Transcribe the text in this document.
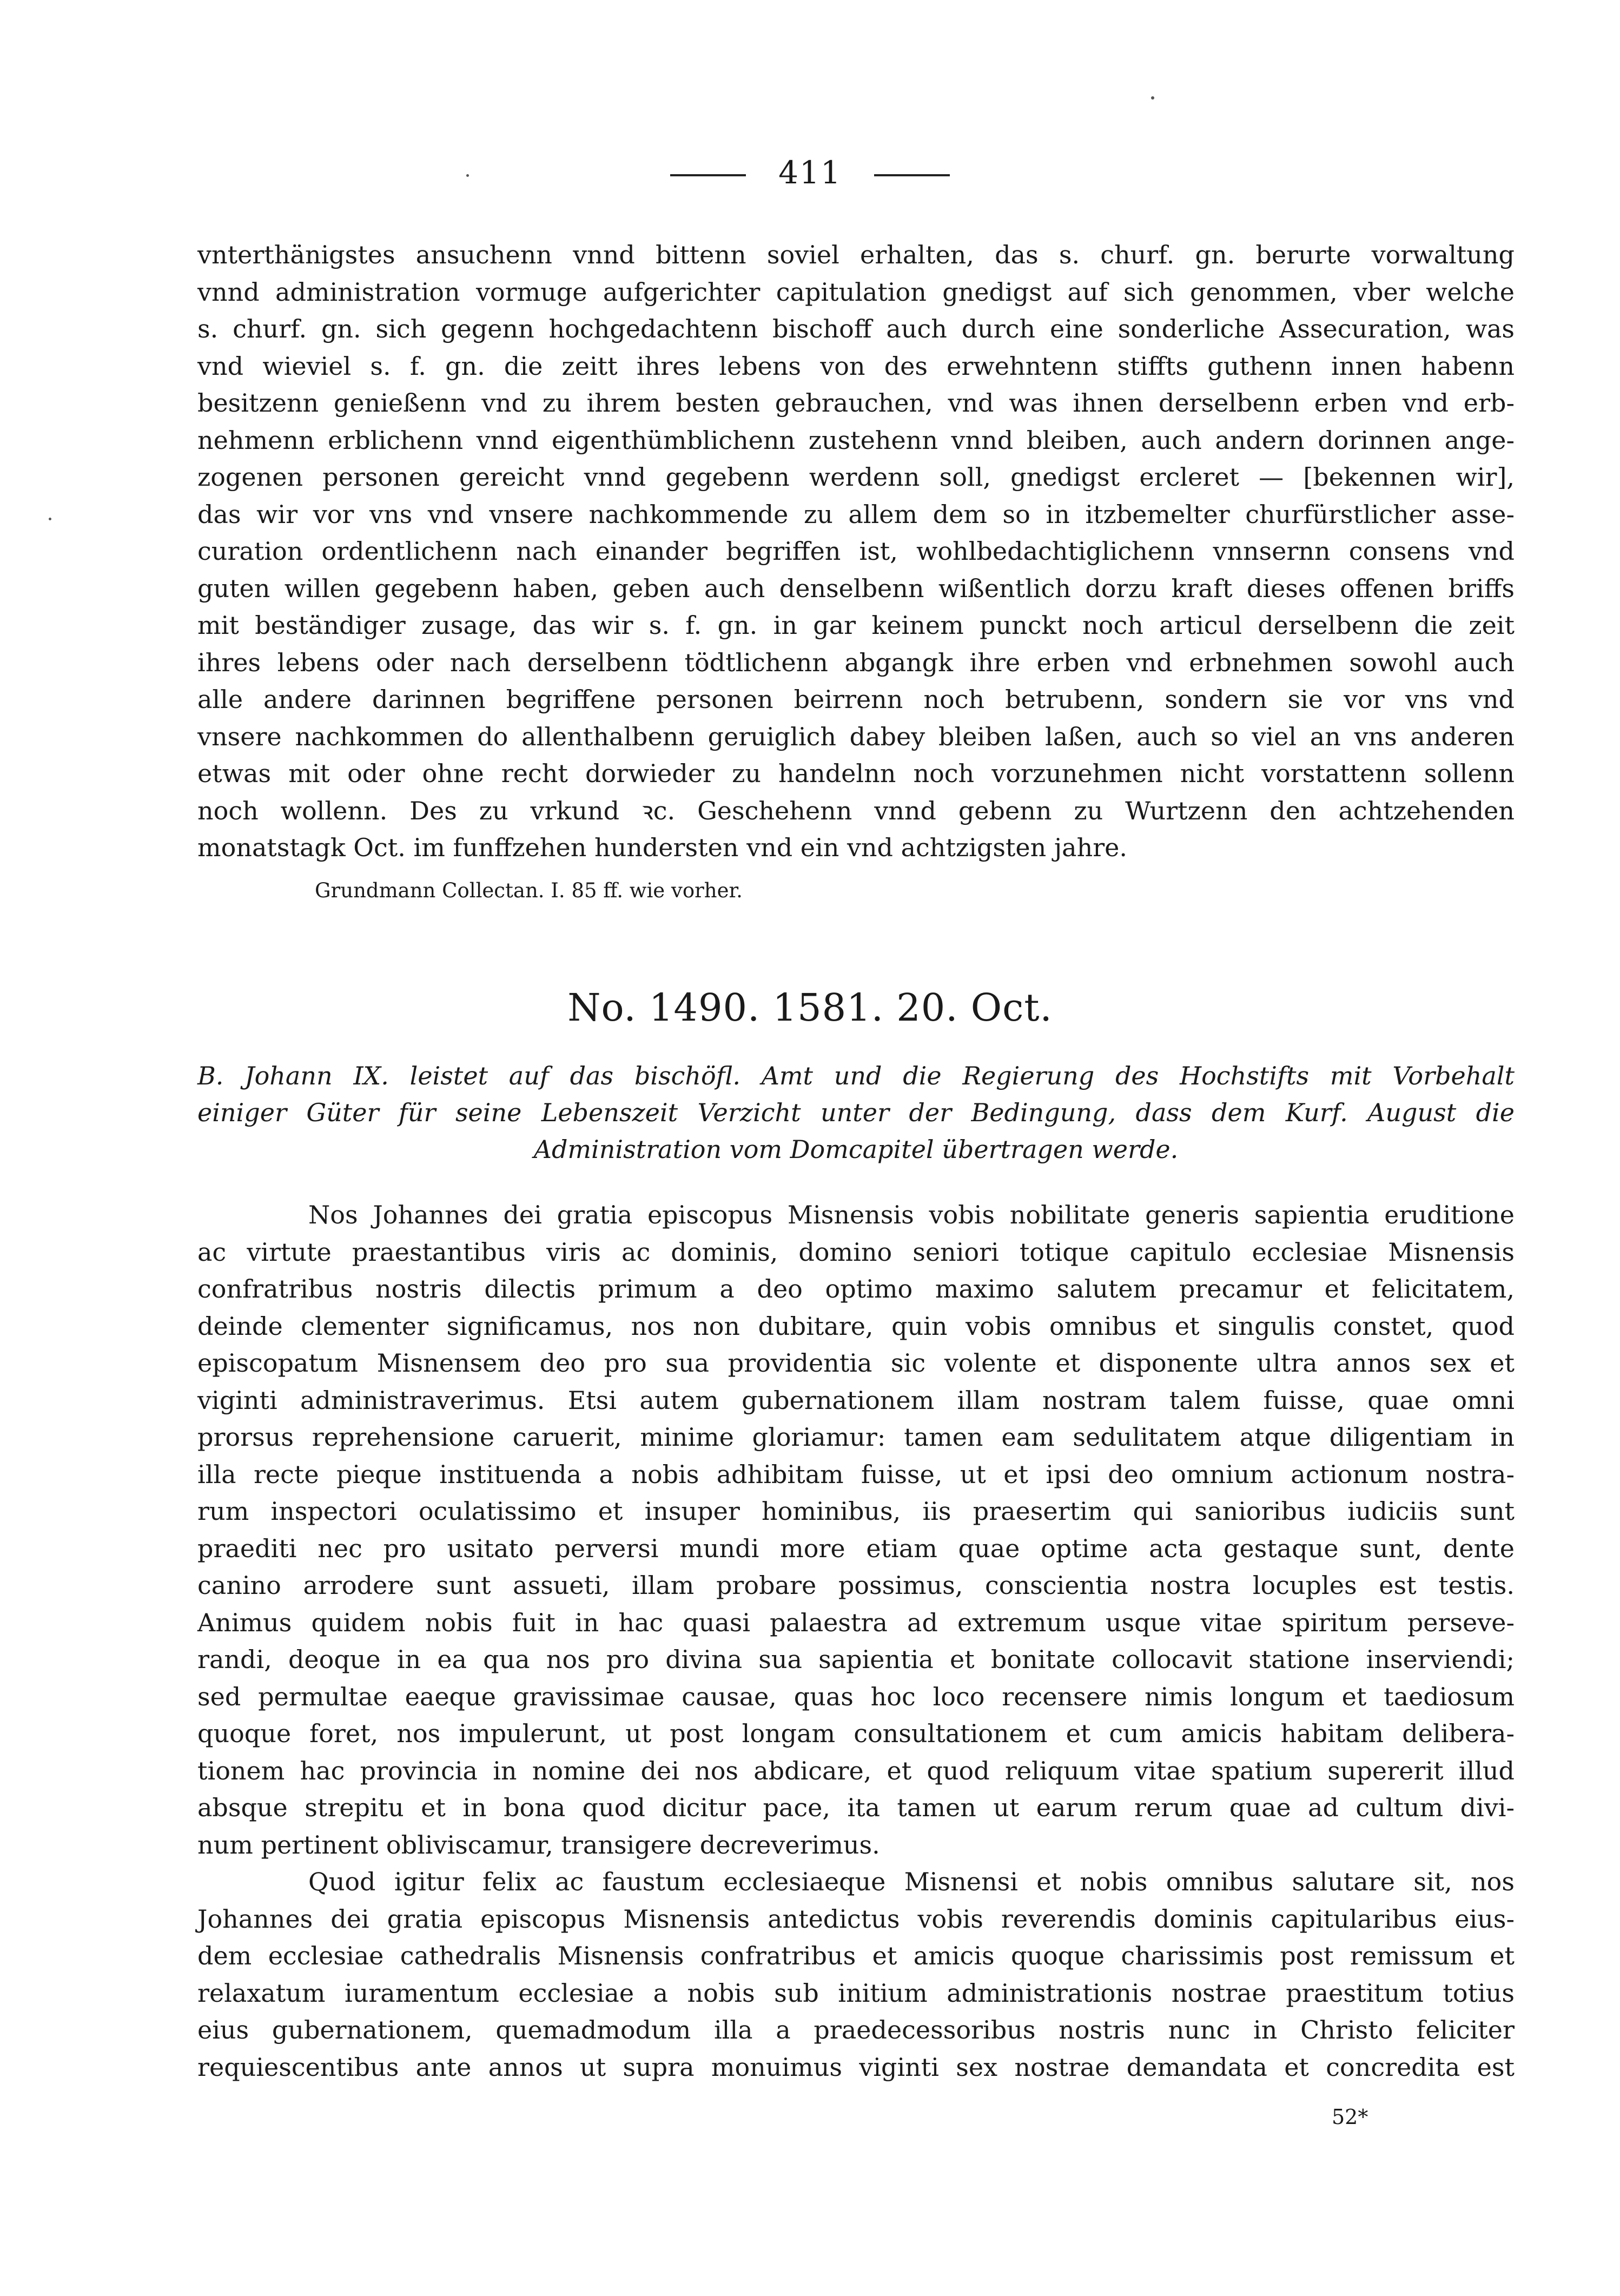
411

vnterthänigstes ansuchenn vnnd bittenn soviel erhalten, das s. churf. gn. berurte vorwaltung

vnnd administration vormuge aufgerichter capitulation gnedigst auf sich genommen, vber welche

s. churf. gn. sich gegenn hochgedachtenn bischoff auch durch eine sonderliche Assecuration, was

vnd wieviel s. f. gn. die zeitt ihres lebens von des erwehntenn stiffts guthenn innen habenn

besitzenn genießenn vnd zu ihrem besten gebrauchen, vnd was ihnen derselbenn erben vnd erb-

nehmenn erblichenn vnnd eigenthümblichenn zustehenn vnnd bleiben, auch andern dorinnen ange-

zogenen personen gereicht vnnd gegebenn werdenn soll, gnedigst ercleret — [bekennen wir],

das wir vor vns vnd vnsere nachkommende zu allem dem so in itzbemelter churfürstlicher asse-

curation ordentlichenn nach einander begriffen ist, wohlbedachtiglichenn vnnsernn consens vnd

guten willen gegebenn haben, geben auch denselbenn wißentlich dorzu kraft dieses offenen briffs

mit beständiger zusage, das wir s. f. gn. in gar keinem punckt noch articul derselbenn die zeit

ihres lebens oder nach derselbenn tödtlichenn abgangk ihre erben vnd erbnehmen sowohl auch

alle andere darinnen begriffene personen beirrenn noch betrubenn, sondern sie vor vns vnd

vnsere nachkommen do allenthalbenn geruiglich dabey bleiben laßen, auch so viel an vns anderen

etwas mit oder ohne recht dorwieder zu handelnn noch vorzunehmen nicht vorstattenn sollenn

noch wollenn. Des zu vrkund ꝛc. Geschehenn vnnd gebenn zu Wurtzenn den achtzehenden

monatstagk Oct. im funffzehen hundersten vnd ein vnd achtzigsten jahre.

Grundmann Collectan. I. 85 ff. wie vorher.
No. 1490. 1581. 20. Oct.

B. Johann IX. leistet auf das bischöfl. Amt und die Regierung des Hochstifts mit Vorbehalt

einiger Güter für seine Lebenszeit Verzicht unter der Bedingung, dass dem Kurf. August die

Administration vom Domcapitel übertragen werde.

Nos Johannes dei gratia episcopus Misnensis vobis nobilitate generis sapientia eruditione

ac virtute praestantibus viris ac dominis, domino seniori totique capitulo ecclesiae Misnensis

confratribus nostris dilectis primum a deo optimo maximo salutem precamur et felicitatem,

deinde clementer significamus, nos non dubitare, quin vobis omnibus et singulis constet, quod

episcopatum Misnensem deo pro sua providentia sic volente et disponente ultra annos sex et

viginti administraverimus. Etsi autem gubernationem illam nostram talem fuisse, quae omni

prorsus reprehensione caruerit, minime gloriamur: tamen eam sedulitatem atque diligentiam in

illa recte pieque instituenda a nobis adhibitam fuisse, ut et ipsi deo omnium actionum nostra-

rum inspectori oculatissimo et insuper hominibus, iis praesertim qui sanioribus iudiciis sunt

praediti nec pro usitato perversi mundi more etiam quae optime acta gestaque sunt, dente

canino arrodere sunt assueti, illam probare possimus, conscientia nostra locuples est testis.

Animus quidem nobis fuit in hac quasi palaestra ad extremum usque vitae spiritum perseve-

randi, deoque in ea qua nos pro divina sua sapientia et bonitate collocavit statione inserviendi;

sed permultae eaeque gravissimae causae, quas hoc loco recensere nimis longum et taediosum

quoque foret, nos impulerunt, ut post longam consultationem et cum amicis habitam delibera-

tionem hac provincia in nomine dei nos abdicare, et quod reliquum vitae spatium supererit illud

absque strepitu et in bona quod dicitur pace, ita tamen ut earum rerum quae ad cultum divi-

num pertinent obliviscamur, transigere decreverimus.

Quod igitur felix ac faustum ecclesiaeque Misnensi et nobis omnibus salutare sit, nos

Johannes dei gratia episcopus Misnensis antedictus vobis reverendis dominis capitularibus eius-

dem ecclesiae cathedralis Misnensis confratribus et amicis quoque charissimis post remissum et

relaxatum iuramentum ecclesiae a nobis sub initium administrationis nostrae praestitum totius

eius gubernationem, quemadmodum illa a praedecessoribus nostris nunc in Christo feliciter

requiescentibus ante annos ut supra monuimus viginti sex nostrae demandata et concredita est

52*
